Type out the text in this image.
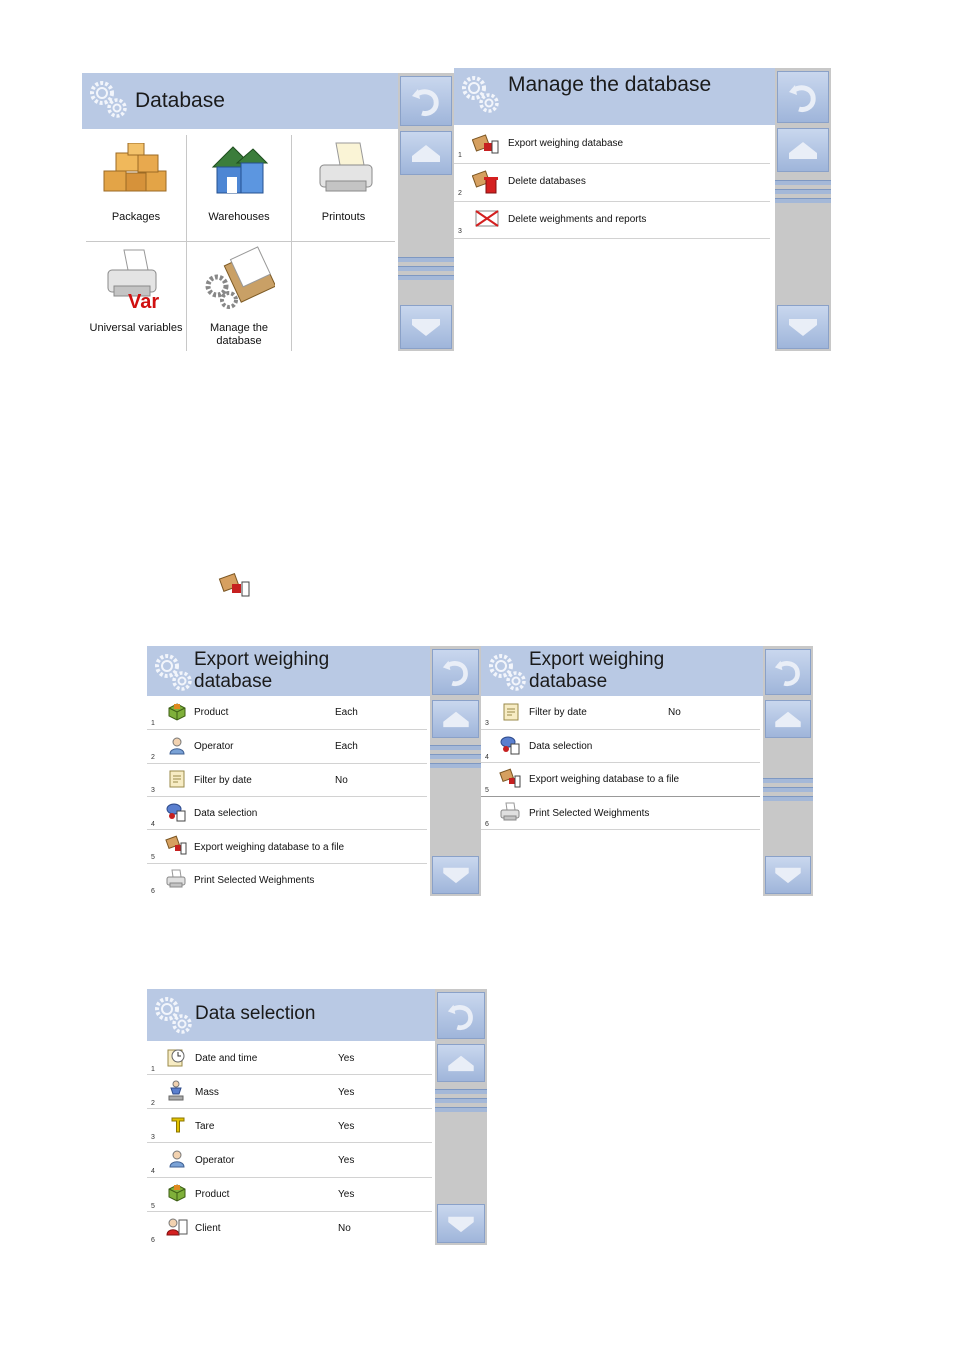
Database
Packages	Warehouses	Printouts
Var
Universal variables	Manage the
database
Manage the database
1
Export weighing database
2
Delete databases
3
Delete weighments and reports
Export weighing
database
1
Product	Each
2
Operator	Each
3
Filter by date	No
4
Data selection
5
Export weighing database to a file
6
Print Selected Weighments
Export weighing
database
3
Filter by date	No
4
Data selection
5
Export weighing database to a file
6
Print Selected Weighments
Data selection
1
Date and time	Yes
2
Mass	Yes
3
Tare	Yes
4
Operator	Yes
5
Product	Yes
6
Client	No
